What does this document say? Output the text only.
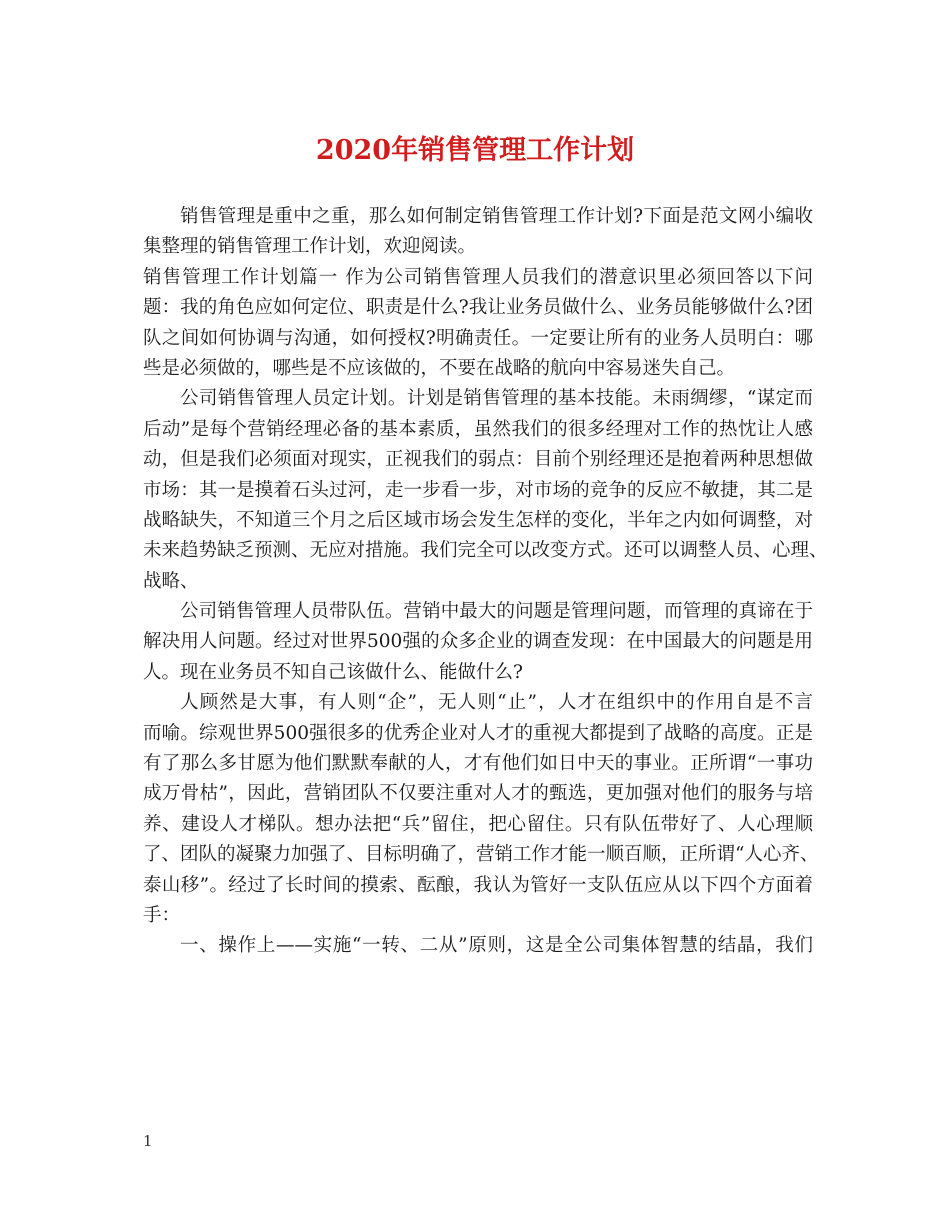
2020年销售管理工作计划
销售管理是重中之重，那么如何制定销售管理工作计划?下面是范文网小编收
集整理的销售管理工作计划，欢迎阅读。
销售管理工作计划篇一 作为公司销售管理人员我们的潜意识里必须回答以下问
题：我的角色应如何定位、职责是什么?我让业务员做什么、业务员能够做什么?团
队之间如何协调与沟通，如何授权?明确责任。一定要让所有的业务人员明白：哪
些是必须做的，哪些是不应该做的，不要在战略的航向中容易迷失自己。
公司销售管理人员定计划。计划是销售管理的基本技能。未雨绸缪，“谋定而
后动”是每个营销经理必备的基本素质，虽然我们的很多经理对工作的热忱让人感
动，但是我们必须面对现实，正视我们的弱点：目前个别经理还是抱着两种思想做
市场：其一是摸着石头过河，走一步看一步，对市场的竞争的反应不敏捷，其二是
战略缺失，不知道三个月之后区域市场会发生怎样的变化，半年之内如何调整，对
未来趋势缺乏预测、无应对措施。我们完全可以改变方式。还可以调整人员、心理、
战略、
公司销售管理人员带队伍。营销中最大的问题是管理问题，而管理的真谛在于
解决用人问题。经过对世界500强的众多企业的调查发现：在中国最大的问题是用
人。现在业务员不知自己该做什么、能做什么?
人顾然是大事，有人则“企”，无人则“止”，人才在组织中的作用自是不言
而喻。综观世界500强很多的优秀企业对人才的重视大都提到了战略的高度。正是
有了那么多甘愿为他们默默奉献的人，才有他们如日中天的事业。正所谓“一事功
成万骨枯”，因此，营销团队不仅要注重对人才的甄选，更加强对他们的服务与培
养、建设人才梯队。想办法把“兵”留住，把心留住。只有队伍带好了、人心理顺
了、团队的凝聚力加强了、目标明确了，营销工作才能一顺百顺，正所谓“人心齐、
泰山移”。经过了长时间的摸索、酝酿，我认为管好一支队伍应从以下四个方面着
手：
一、操作上——实施“一转、二从”原则，这是全公司集体智慧的结晶，我们
1
